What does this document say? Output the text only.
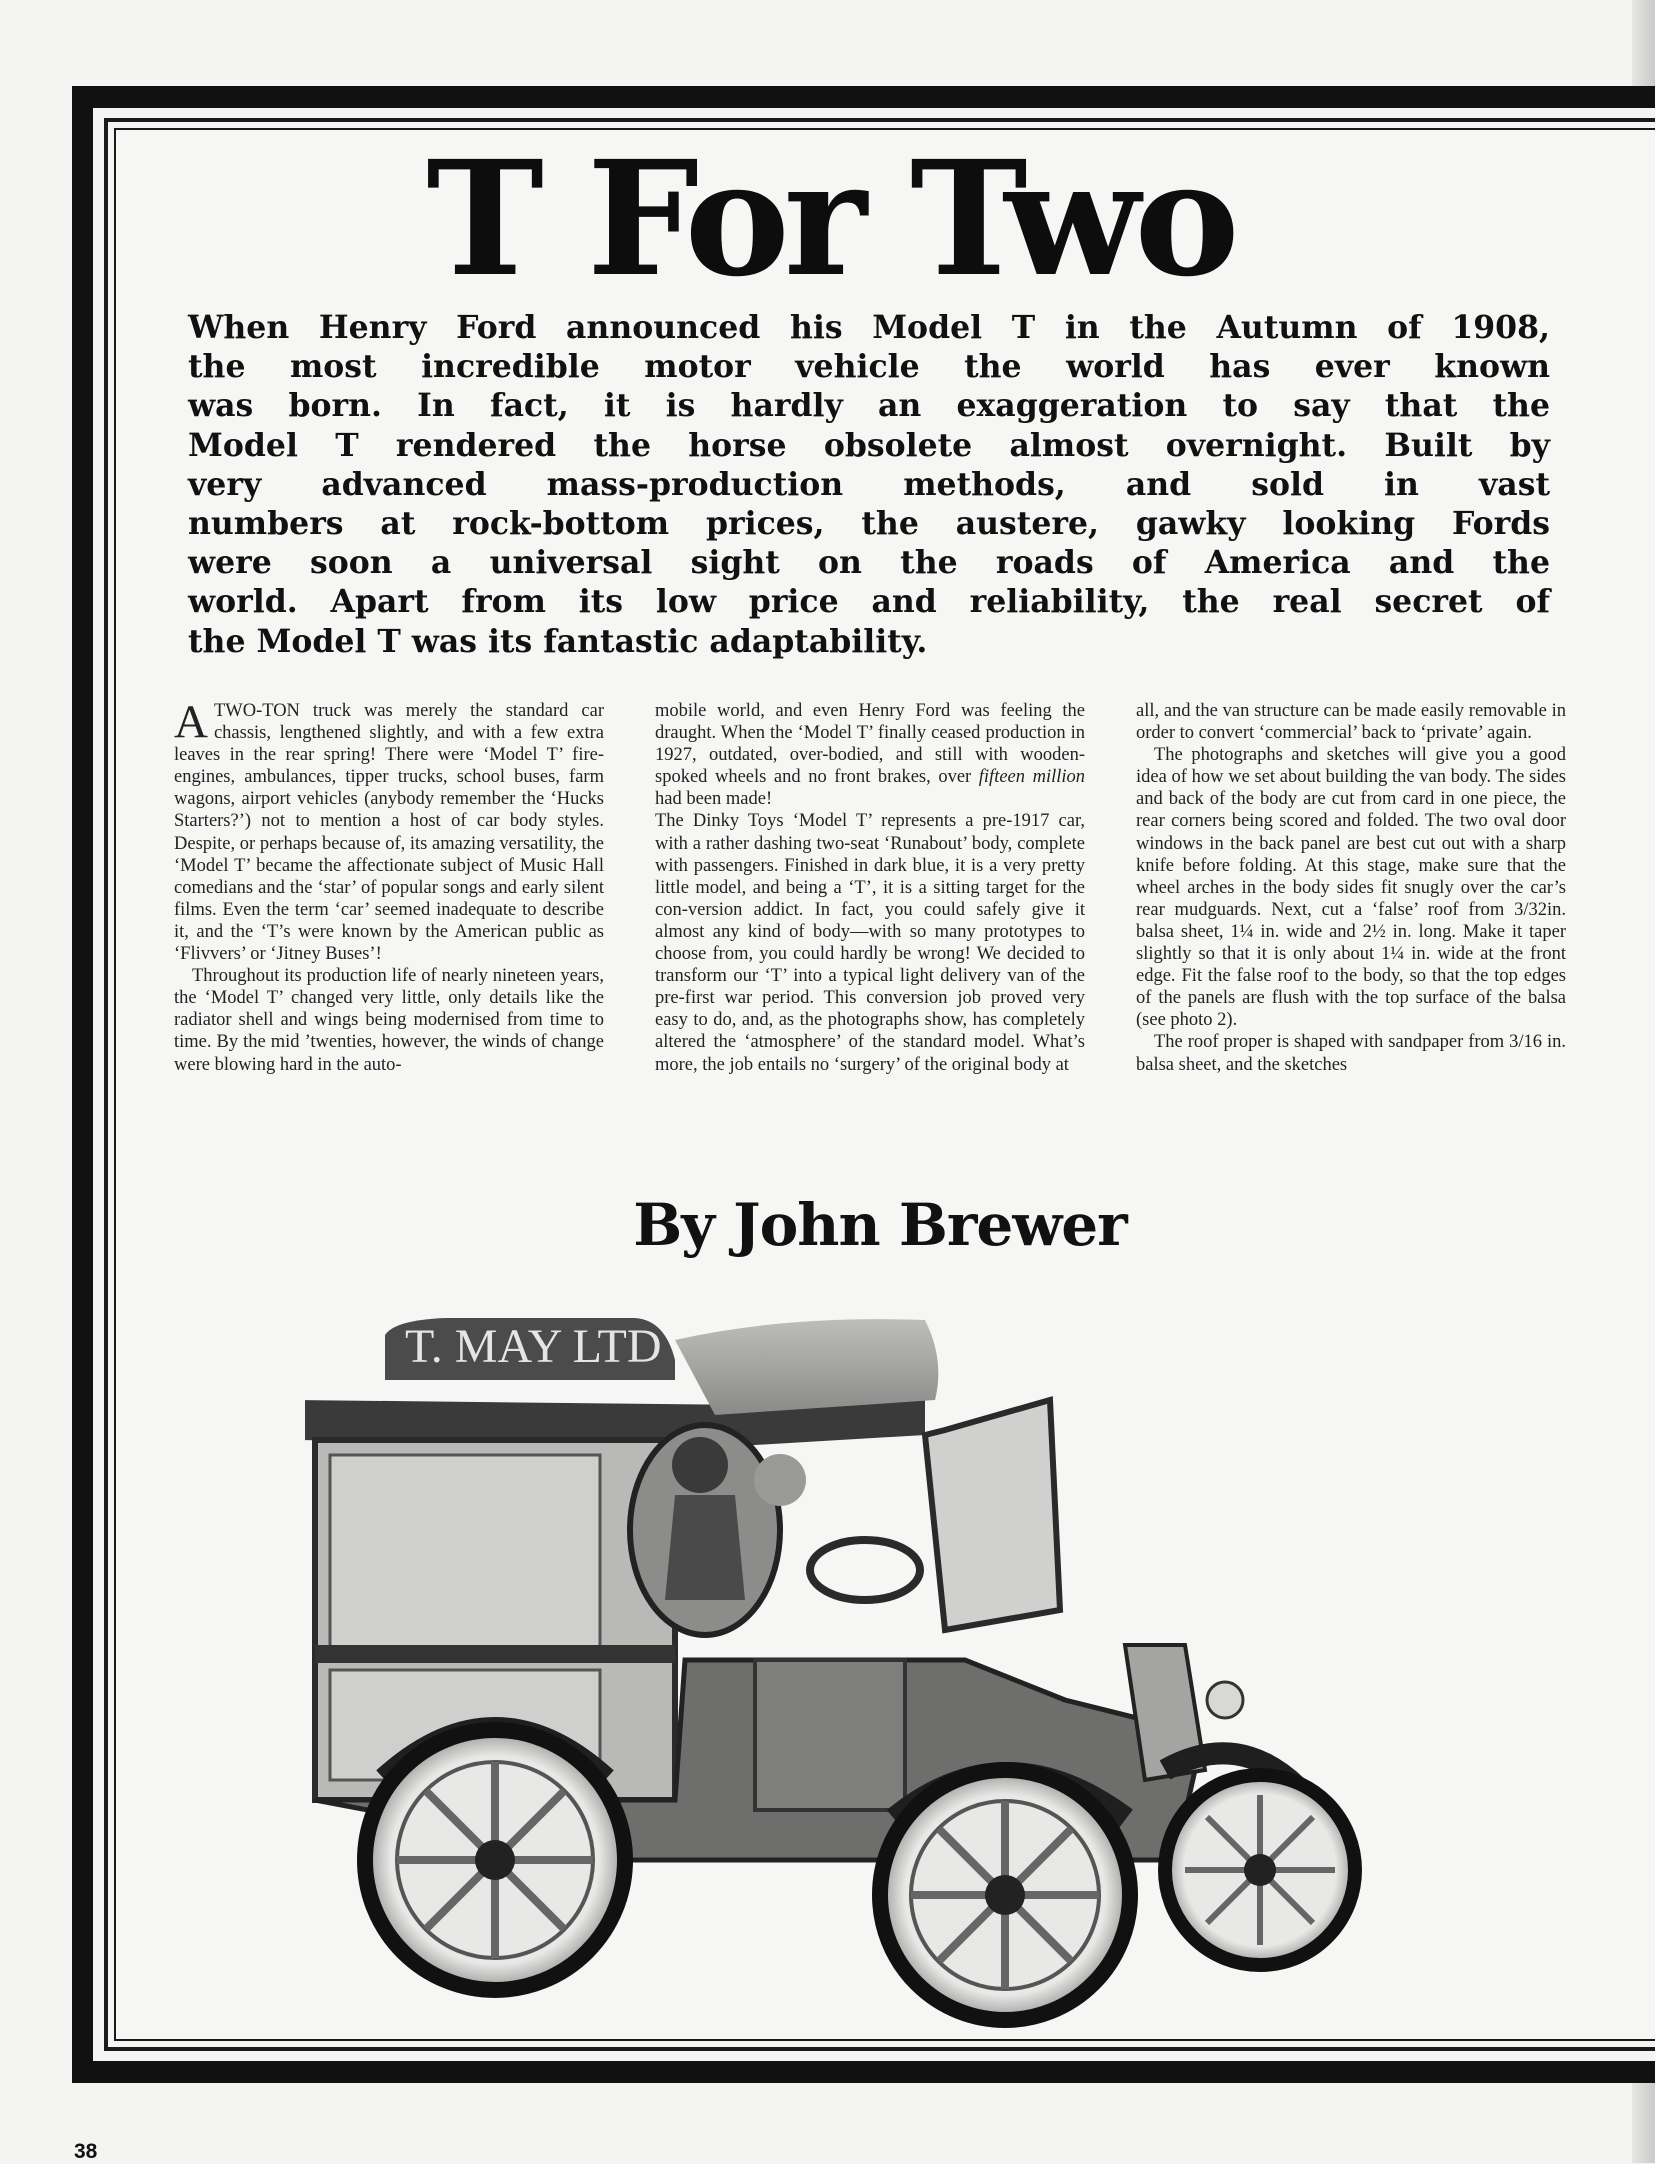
T For Two
When Henry Ford announced his Model T in the Autumn of 1908,
the most incredible motor vehicle the world has ever known
was born. In fact, it is hardly an exaggeration to say that the
Model T rendered the horse obsolete almost overnight. Built by
very advanced mass-production methods, and sold in vast
numbers at rock-bottom prices, the austere, gawky looking Fords
were soon a universal sight on the roads of America and the
world. Apart from its low price and reliability, the real secret of
the Model T was its fantastic adaptability.

ATWO-TON truck was merely the standard car chassis, lengthened slightly, and with a few extra leaves in the rear spring! There were ‘Model T’ fire-engines, ambulances, tipper trucks, school buses, farm wagons, airport vehicles (anybody remember the ‘Hucks Starters?’) not to mention a host of car body styles. Despite, or perhaps because of, its amazing versatility, the ‘Model T’ became the affectionate subject of Music Hall comedians and the ‘star’ of popular songs and early silent films. Even the term ‘car’ seemed inadequate to describe it, and the ‘T’s were known by the American public as ‘Flivvers’ or ‘Jitney Buses’!

Throughout its production life of nearly nineteen years, the ‘Model T’ changed very little, only details like the radiator shell and wings being modernised from time to time. By the mid ’twenties, however, the winds of change were blowing hard in the auto-

mobile world, and even Henry Ford was feeling the draught. When the ‘Model T’ finally ceased production in 1927, outdated, over-bodied, and still with wooden-spoked wheels and no front brakes, over fifteen million had been made!

The Dinky Toys ‘Model T’ represents a pre-1917 car, with a rather dashing two-seat ‘Runabout’ body, complete with passengers. Finished in dark blue, it is a very pretty little model, and being a ‘T’, it is a sitting target for the con-version addict. In fact, you could safely give it almost any kind of body—with so many prototypes to choose from, you could hardly be wrong! We decided to transform our ‘T’ into a typical light delivery van of the pre-first war period. This conversion job proved very easy to do, and, as the photographs show, has completely altered the ‘atmosphere’ of the standard model. What’s more, the job entails no ‘surgery’ of the original body at

all, and the van structure can be made easily removable in order to convert ‘commercial’ back to ‘private’ again.

The photographs and sketches will give you a good idea of how we set about building the van body. The sides and back of the body are cut from card in one piece, the rear corners being scored and folded. The two oval door windows in the back panel are best cut out with a sharp knife before folding. At this stage, make sure that the wheel arches in the body sides fit snugly over the car’s rear mudguards. Next, cut a ‘false’ roof from 3/32in. balsa sheet, 1¼ in. wide and 2½ in. long. Make it taper slightly so that it is only about 1¼ in. wide at the front edge. Fit the false roof to the body, so that the top edges of the panels are flush with the top surface of the balsa (see photo 2).

The roof proper is shaped with sandpaper from 3/16 in. balsa sheet, and the sketches

By John Brewer
T. MAY LTD
38
